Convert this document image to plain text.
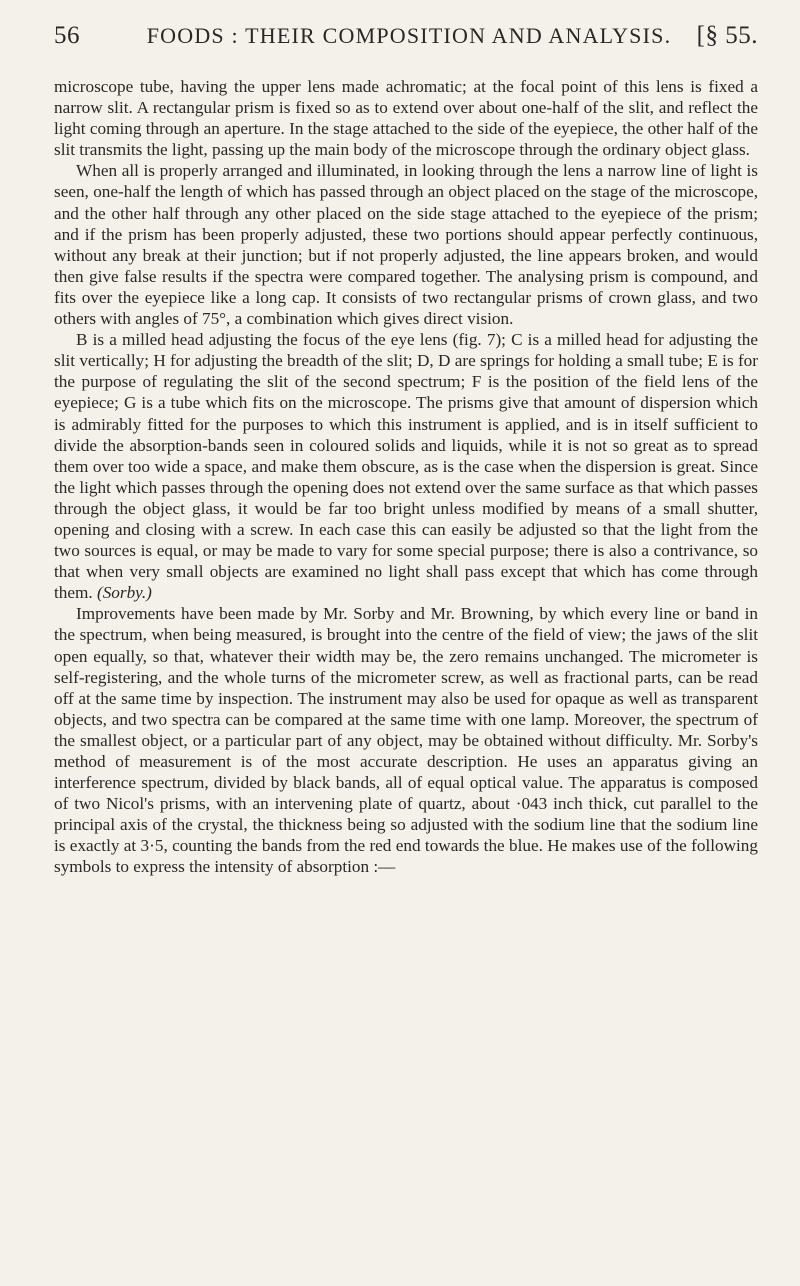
56	FOODS : THEIR COMPOSITION AND ANALYSIS.	[§ 55.

microscope tube, having the upper lens made achromatic; at the focal point of this lens is fixed a narrow slit. A rectangular prism is fixed so as to extend over about one-half of the slit, and reflect the light coming through an aperture. In the stage attached to the side of the eyepiece, the other half of the slit transmits the light, passing up the main body of the microscope through the ordinary object glass.

When all is properly arranged and illuminated, in looking through the lens a narrow line of light is seen, one-half the length of which has passed through an object placed on the stage of the microscope, and the other half through any other placed on the side stage attached to the eyepiece of the prism; and if the prism has been properly adjusted, these two portions should appear perfectly continuous, without any break at their junction; but if not properly adjusted, the line appears broken, and would then give false results if the spectra were compared together. The analysing prism is compound, and fits over the eyepiece like a long cap. It consists of two rectangular prisms of crown glass, and two others with angles of 75°, a combination which gives direct vision.

B is a milled head adjusting the focus of the eye lens (fig. 7); C is a milled head for adjusting the slit vertically; H for adjusting the breadth of the slit; D, D are springs for holding a small tube; E is for the purpose of regulating the slit of the second spectrum; F is the position of the field lens of the eyepiece; G is a tube which fits on the microscope. The prisms give that amount of dispersion which is admirably fitted for the purposes to which this instrument is applied, and is in itself sufficient to divide the absorption-bands seen in coloured solids and liquids, while it is not so great as to spread them over too wide a space, and make them obscure, as is the case when the dispersion is great. Since the light which passes through the opening does not extend over the same surface as that which passes through the object glass, it would be far too bright unless modified by means of a small shutter, opening and closing with a screw. In each case this can easily be adjusted so that the light from the two sources is equal, or may be made to vary for some special purpose; there is also a contrivance, so that when very small objects are examined no light shall pass except that which has come through them. (Sorby.)

Improvements have been made by Mr. Sorby and Mr. Browning, by which every line or band in the spectrum, when being measured, is brought into the centre of the field of view; the jaws of the slit open equally, so that, whatever their width may be, the zero remains unchanged. The micrometer is self-registering, and the whole turns of the micrometer screw, as well as fractional parts, can be read off at the same time by inspection. The instrument may also be used for opaque as well as transparent objects, and two spectra can be compared at the same time with one lamp. Moreover, the spectrum of the smallest object, or a particular part of any object, may be obtained without difficulty. Mr. Sorby's method of measurement is of the most accurate description. He uses an apparatus giving an interference spectrum, divided by black bands, all of equal optical value. The apparatus is composed of two Nicol's prisms, with an intervening plate of quartz, about ·043 inch thick, cut parallel to the principal axis of the crystal, the thickness being so adjusted with the sodium line that the sodium line is exactly at 3·5, counting the bands from the red end towards the blue. He makes use of the following symbols to express the intensity of absorption :—
